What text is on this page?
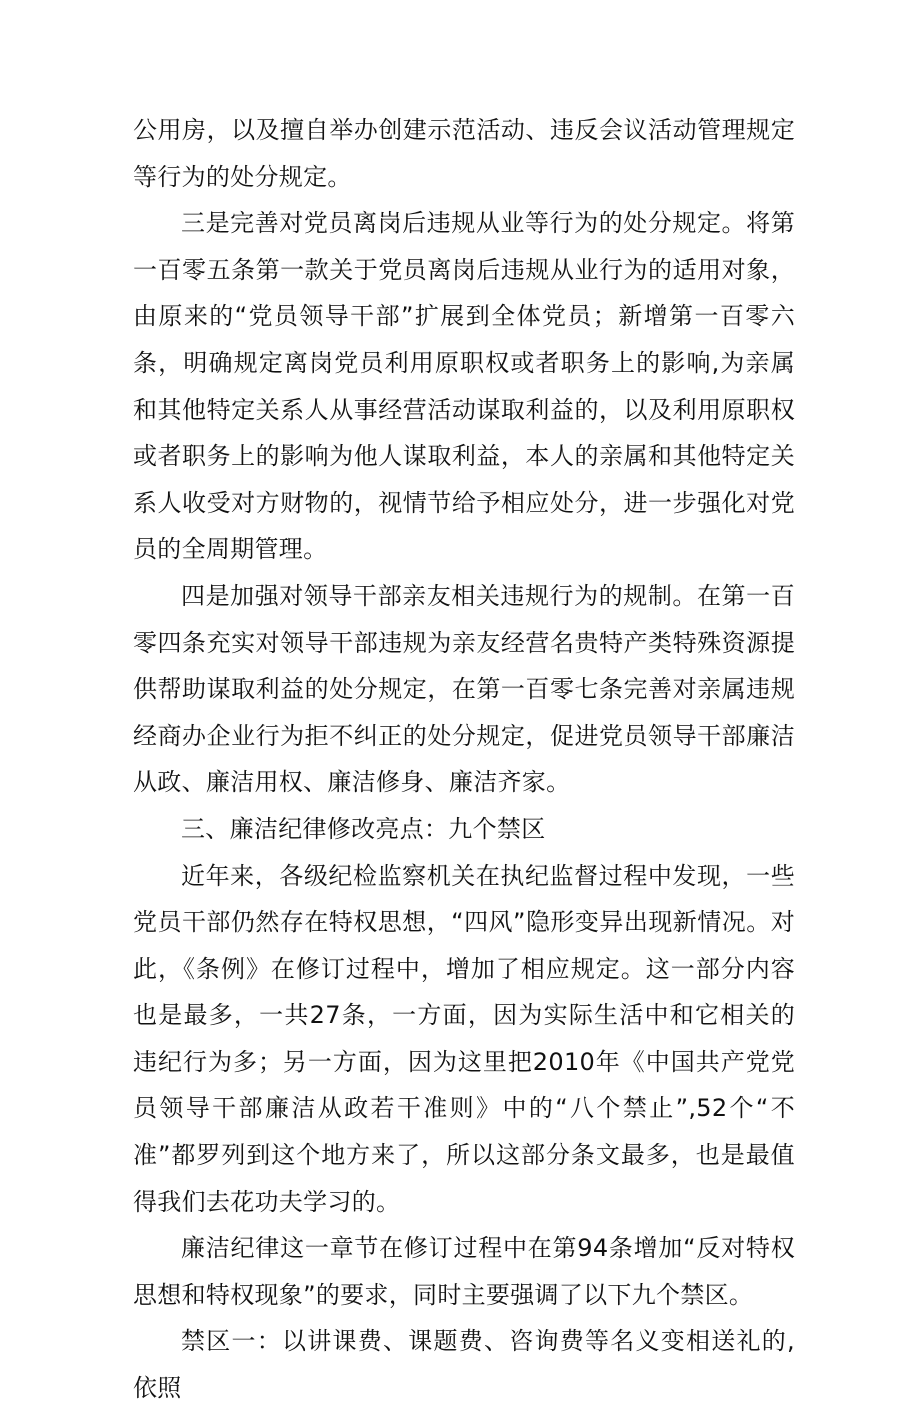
公用房，以及擅自举办创建示范活动、违反会议活动管理规定等行为的处分规定。

三是完善对党员离岗后违规从业等行为的处分规定。将第一百零五条第一款关于党员离岗后违规从业行为的适用对象，由原来的“党员领导干部”扩展到全体党员；新增第一百零六条，明确规定离岗党员利用原职权或者职务上的影响,为亲属和其他特定关系人从事经营活动谋取利益的，以及利用原职权或者职务上的影响为他人谋取利益，本人的亲属和其他特定关系人收受对方财物的，视情节给予相应处分，进一步强化对党员的全周期管理。

四是加强对领导干部亲友相关违规行为的规制。在第一百零四条充实对领导干部违规为亲友经营名贵特产类特殊资源提供帮助谋取利益的处分规定，在第一百零七条完善对亲属违规经商办企业行为拒不纠正的处分规定，促进党员领导干部廉洁从政、廉洁用权、廉洁修身、廉洁齐家。

三、廉洁纪律修改亮点：九个禁区

近年来，各级纪检监察机关在执纪监督过程中发现，一些党员干部仍然存在特权思想，“四风”隐形变异出现新情况。对此，《条例》在修订过程中，增加了相应规定。这一部分内容也是最多，一共27条，一方面，因为实际生活中和它相关的违纪行为多；另一方面，因为这里把2010年《中国共产党党员领导干部廉洁从政若干准则》中的“八个禁止”,52个“不准”都罗列到这个地方来了，所以这部分条文最多，也是最值得我们去花功夫学习的。

廉洁纪律这一章节在修订过程中在第94条增加“反对特权思想和特权现象”的要求，同时主要强调了以下九个禁区。

禁区一：以讲课费、课题费、咨询费等名义变相送礼的,依照
